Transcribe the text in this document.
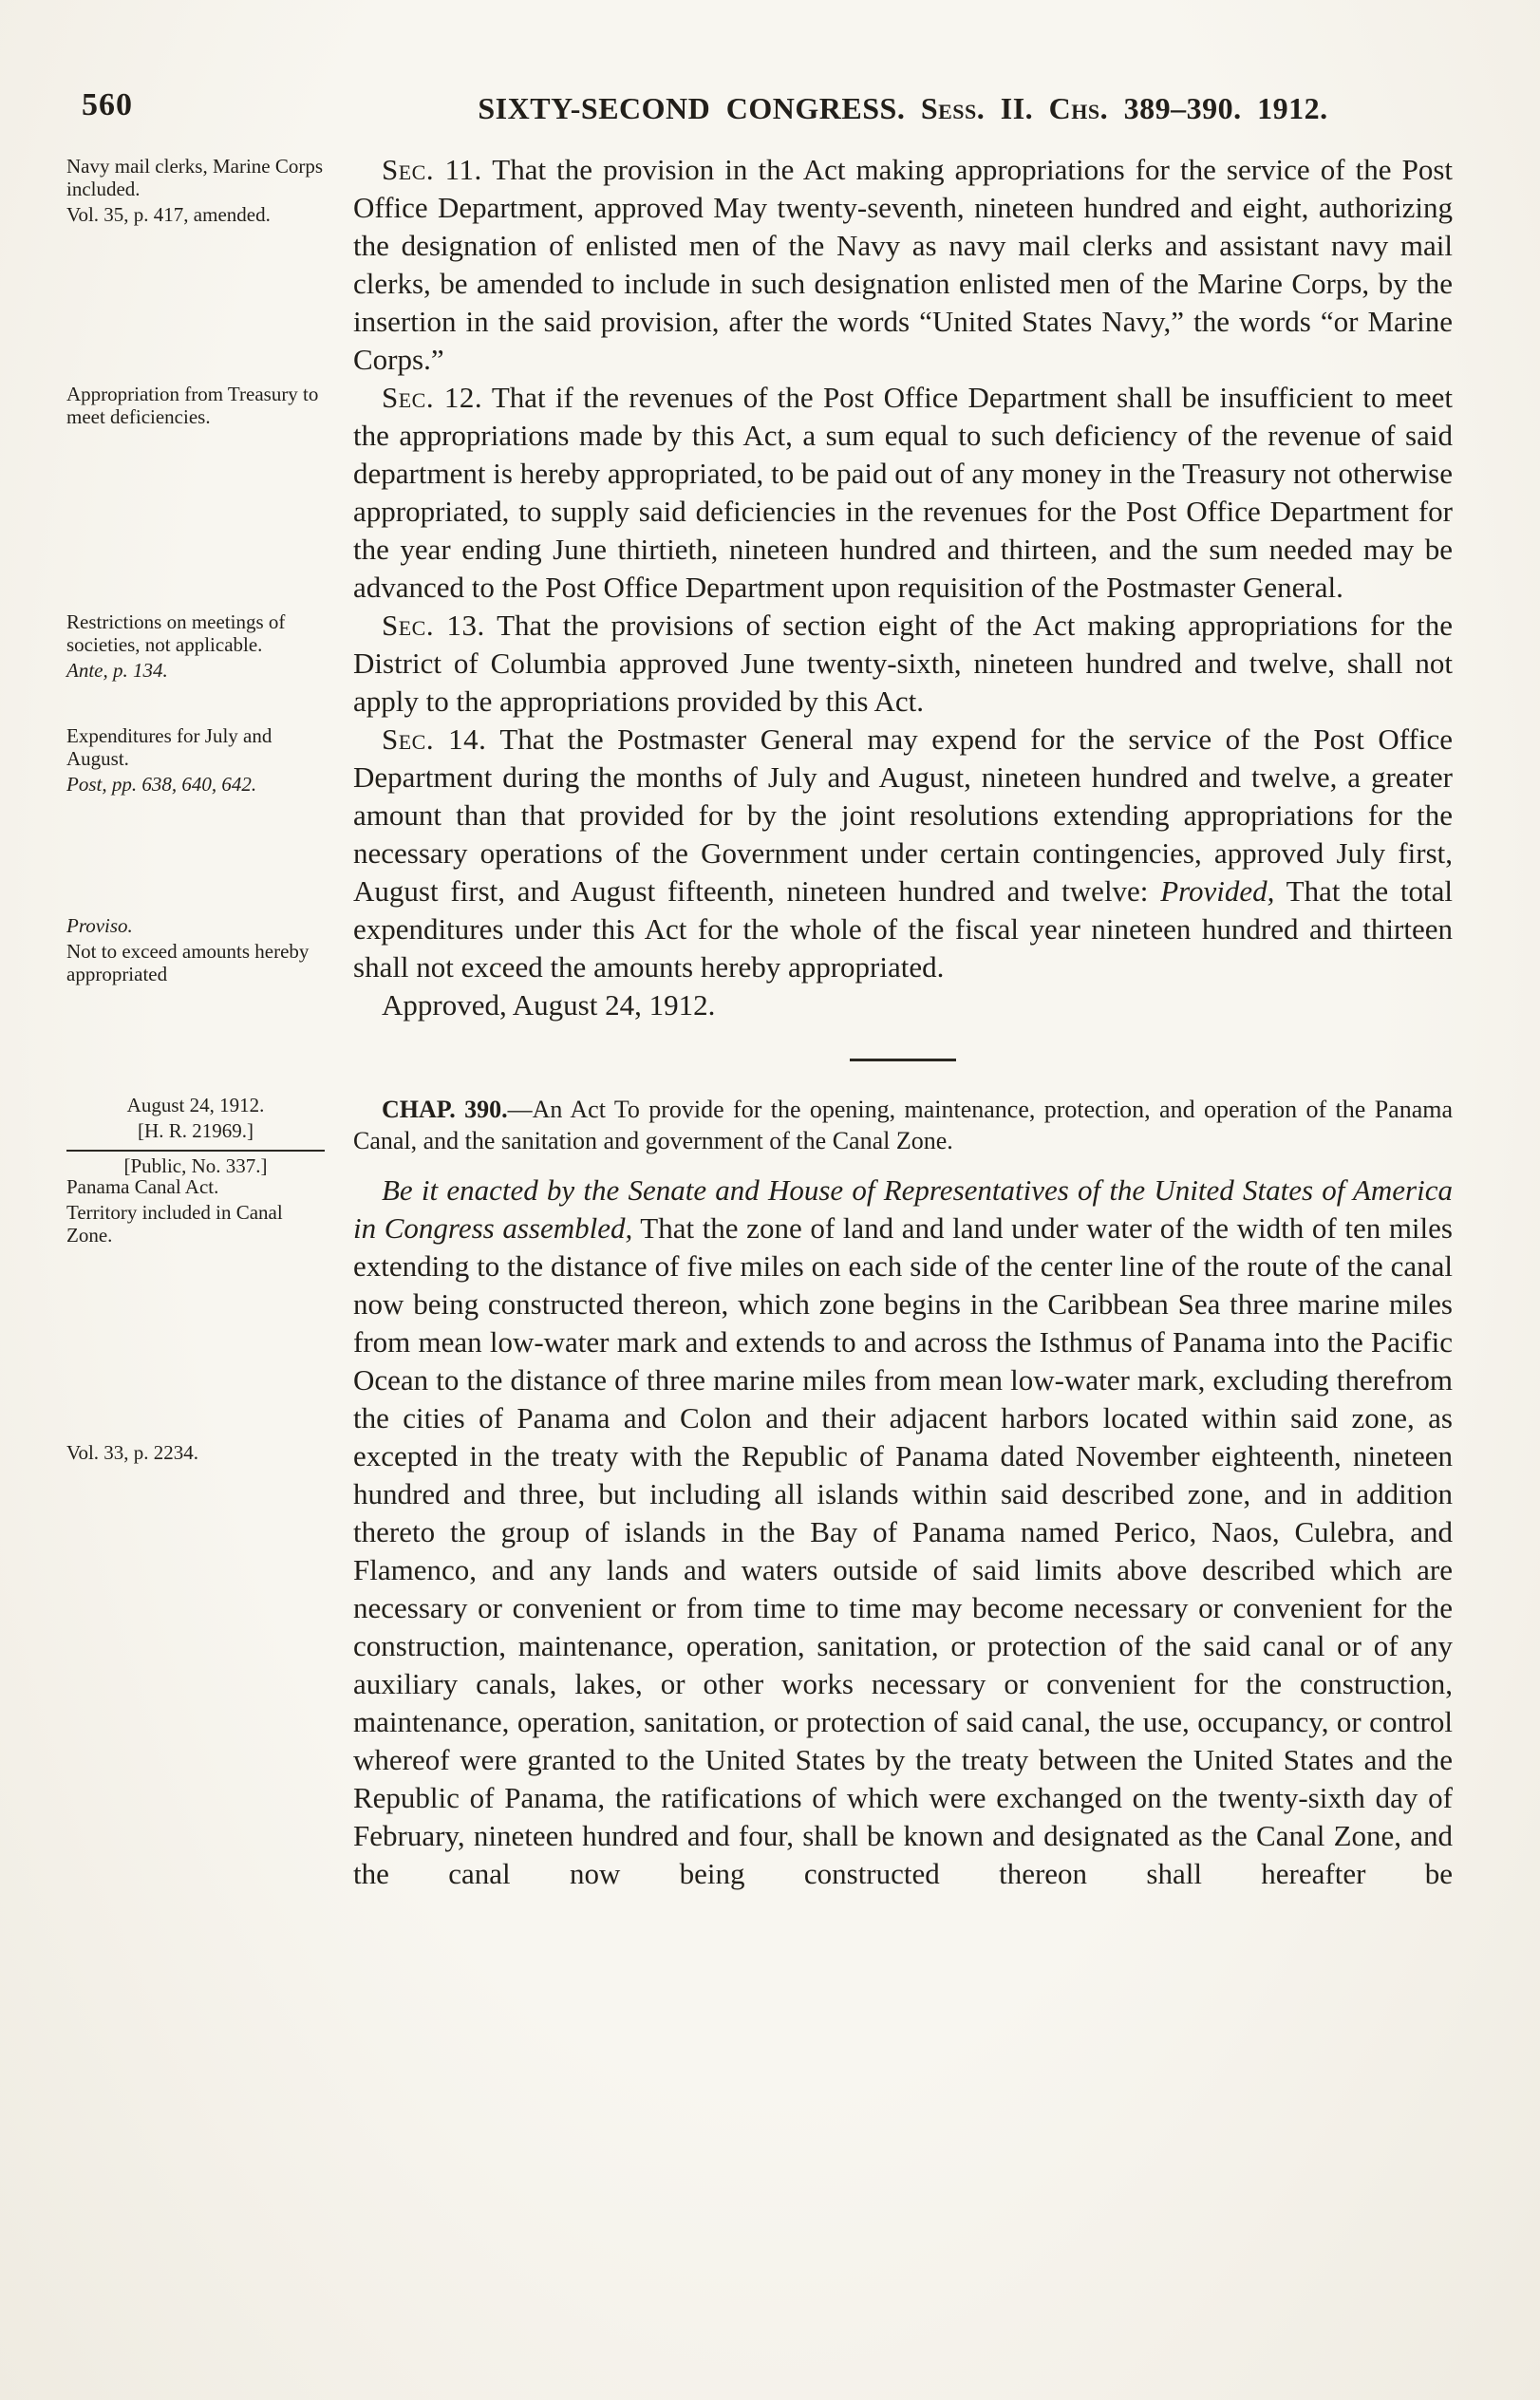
560	SIXTY-SECOND CONGRESS. Sess. II. Chs. 389–390. 1912.

Navy mail clerks, Marine Corps included.
Vol. 35, p. 417, amended.
Sec. 11. That the provision in the Act making appropriations for the service of the Post Office Department, approved May twenty-seventh, nineteen hundred and eight, authorizing the designation of enlisted men of the Navy as navy mail clerks and assistant navy mail clerks, be amended to include in such designation enlisted men of the Marine Corps, by the insertion in the said provision, after the words “United States Navy,” the words “or Marine Corps.”

Appropriation from Treasury to meet deficiencies.
Sec. 12. That if the revenues of the Post Office Department shall be insufficient to meet the appropriations made by this Act, a sum equal to such deficiency of the revenue of said department is hereby appropriated, to be paid out of any money in the Treasury not otherwise appropriated, to supply said deficiencies in the revenues for the Post Office Department for the year ending June thirtieth, nineteen hundred and thirteen, and the sum needed may be advanced to the Post Office Department upon requisition of the Postmaster General.

Restrictions on meetings of societies, not applicable.
Ante, p. 134.
Sec. 13. That the provisions of section eight of the Act making appropriations for the District of Columbia approved June twenty-sixth, nineteen hundred and twelve, shall not apply to the appropriations provided by this Act.

Expenditures for July and August.
Post, pp. 638, 640, 642.
Proviso.
Not to exceed amounts hereby appropriated
Sec. 14. That the Postmaster General may expend for the service of the Post Office Department during the months of July and August, nineteen hundred and twelve, a greater amount than that provided for by the joint resolutions extending appropriations for the necessary operations of the Government under certain contingencies, approved July first, August first, and August fifteenth, nineteen hundred and twelve: Provided, That the total expenditures under this Act for the whole of the fiscal year nineteen hundred and thirteen shall not exceed the amounts hereby appropriated.

Approved, August 24, 1912.

August 24, 1912.
[H. R. 21969.]
[Public, No. 337.]
CHAP. 390.—An Act To provide for the opening, maintenance, protection, and operation of the Panama Canal, and the sanitation and government of the Canal Zone.

Panama Canal Act.
Territory included in Canal Zone.
Vol. 33, p. 2234.
Be it enacted by the Senate and House of Representatives of the United States of America in Congress assembled, That the zone of land and land under water of the width of ten miles extending to the distance of five miles on each side of the center line of the route of the canal now being constructed thereon, which zone begins in the Caribbean Sea three marine miles from mean low-water mark and extends to and across the Isthmus of Panama into the Pacific Ocean to the distance of three marine miles from mean low-water mark, excluding therefrom the cities of Panama and Colon and their adjacent harbors located within said zone, as excepted in the treaty with the Republic of Panama dated November eighteenth, nineteen hundred and three, but including all islands within said described zone, and in addition thereto the group of islands in the Bay of Panama named Perico, Naos, Culebra, and Flamenco, and any lands and waters outside of said limits above described which are necessary or convenient or from time to time may become necessary or convenient for the construction, maintenance, operation, sanitation, or protection of the said canal or of any auxiliary canals, lakes, or other works necessary or convenient for the construction, maintenance, operation, sanitation, or protection of said canal, the use, occupancy, or control whereof were granted to the United States by the treaty between the United States and the Republic of Panama, the ratifications of which were exchanged on the twenty-sixth day of February, nineteen hundred and four, shall be known and designated as the Canal Zone, and the canal now being constructed thereon shall hereafter be
